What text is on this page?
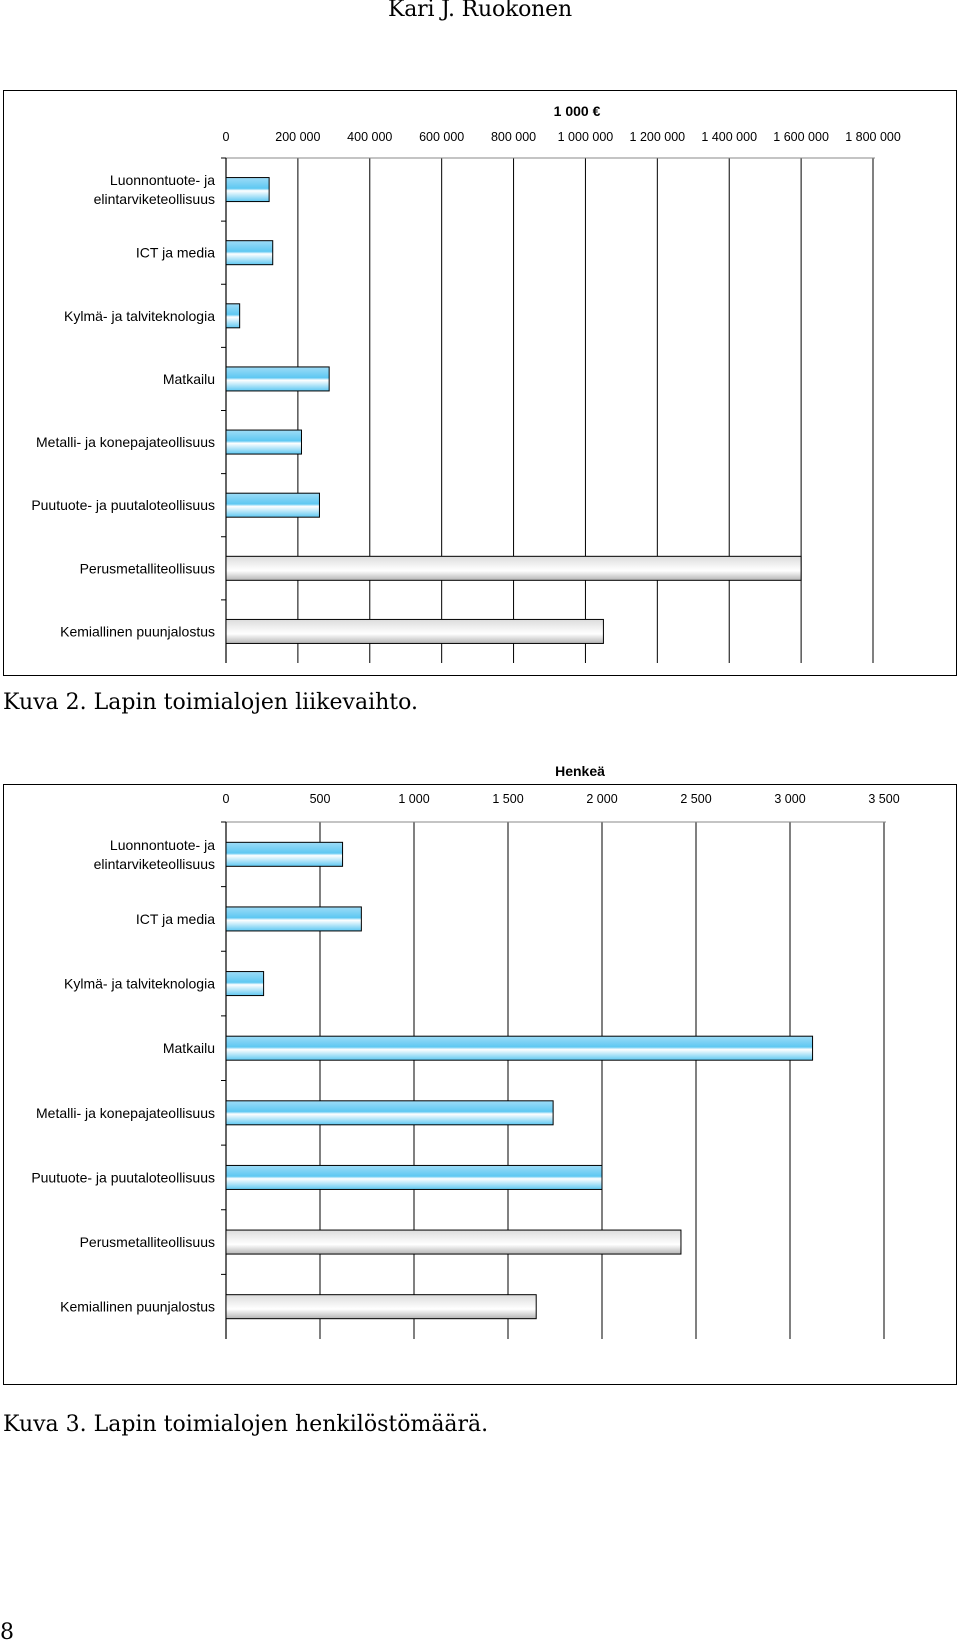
Kari J. Ruokonen
1 000 €
0	200 000 400 000 600 000 800 000 1 000 000 1 200 000 1 400 000 1 600 000 1 800 000
Luonnontuote- ja
elintarviketeollisuus
ICT ja media
Kylmä- ja talviteknologia
Matkailu
Metalli- ja konepajateollisuus
Puutuote- ja puutaloteollisuus
Perusmetalliteollisuus
Kemiallinen puunjalostus
Kuva 2. Lapin toimialojen liikevaihto.
Henkeä
0	500	1 000	1 500	2 000	2 500	3 000	3 500
Luonnontuote- ja
elintarviketeollisuus
ICT ja media
Kylmä- ja talviteknologia
Matkailu
Metalli- ja konepajateollisuus
Puutuote- ja puutaloteollisuus
Perusmetalliteollisuus
Kemiallinen puunjalostus
Kuva 3. Lapin toimialojen henkilöstömäärä.
8
